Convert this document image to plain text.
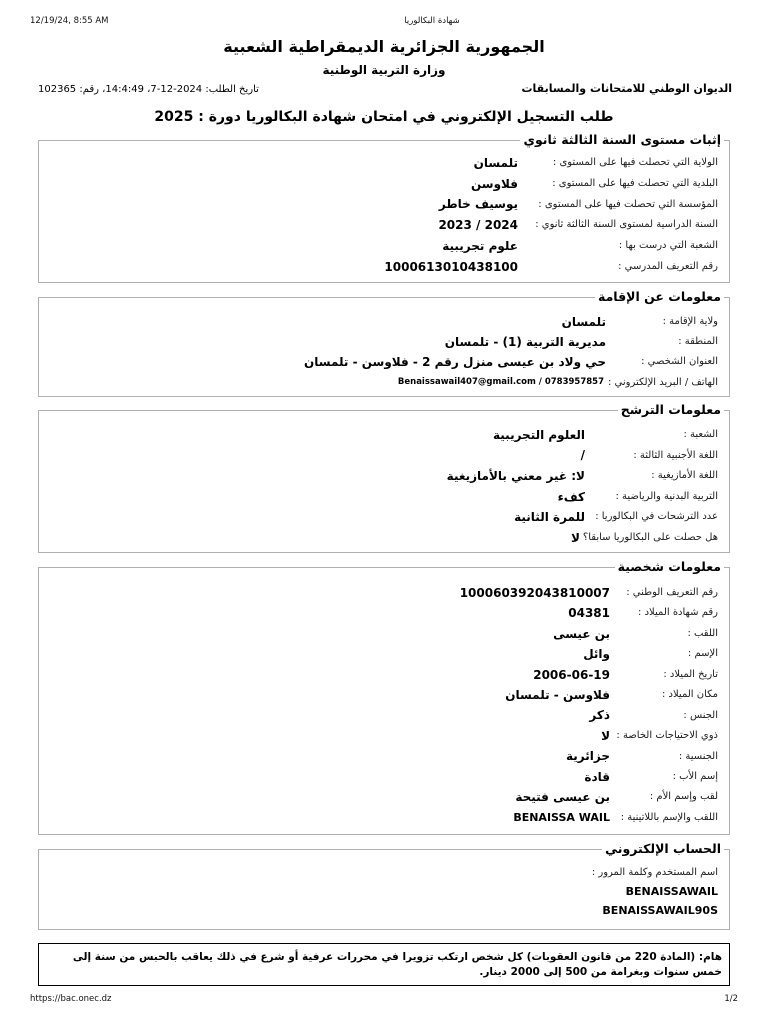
12/19/24, 8:55 AM	شهادة البكالوريا
الجمهورية الجزائرية الديمقراطية الشعبية
وزارة التربية الوطنية
الديوان الوطني للامتحانات والمسابقات
تاريخ الطلب: 2024-12-7، 14:4:49، رقم: 102365
طلب التسجيل الإلكتروني في امتحان شهادة البكالوريا دورة : 2025
إثبات مستوى السنة الثالثة ثانوي
الولاية التي تحصلت فيها على المستوى :
تلمسان
البلدية التي تحصلت فيها على المستوى :
فلاوسن
المؤسسة التي تحصلت فيها على المستوى :
يوسيف خاطر
السنة الدراسية لمستوى السنة الثالثة ثانوي :
2023 / 2024
الشعبة التي درست بها :
علوم تجريبية
رقم التعريف المدرسي :
1000613010438100
معلومات عن الإقامة
ولاية الإقامة :
تلمسان
المنطقة :
مديرية التربية (1) - تلمسان
العنوان الشخصي :
حي ولاد بن عيسى منزل رقم 2 - فلاوسن - تلمسان
الهاتف / البريد الإلكتروني :
Benaissawail407@gmail.com / 0783957857
معلومات الترشح
الشعبة :
العلوم التجريبية
اللغة الأجنبية الثالثة :
/
اللغة الأمازيغية :
لا: غير معني بالأمازيغية
التربية البدنية والرياضية :
كفء
عدد الترشحات في البكالوريا :
للمرة الثانية
هل حصلت على البكالوريا سابقا؟
لا
معلومات شخصية
رقم التعريف الوطني :
100060392043810007
رقم شهادة الميلاد :
04381
اللقب :
بن عيسى
الإسم :
وائل
تاريخ الميلاد :
2006-06-19
مكان الميلاد :
فلاوسن - تلمسان
الجنس :
ذكر
ذوي الاحتياجات الخاصة :
لا
الجنسية :
جزائرية
إسم الأب :
قادة
لقب وإسم الأم :
بن عيسى فتيحة
اللقب والإسم باللاتينية :
BENAISSA WAIL
الحساب الإلكتروني
اسم المستخدم وكلمة المرور :
BENAISSAWAIL
BENAISSAWAIL90S
هام: (المادة 220 من قانون العقوبات) كل شخص ارتكب تزويرا في محررات عرفية أو شرع في ذلك يعاقب بالحبس من سنة إلى خمس سنوات وبغرامة من 500 إلى 2000 دينار.
https://bac.onec.dz	1/2
